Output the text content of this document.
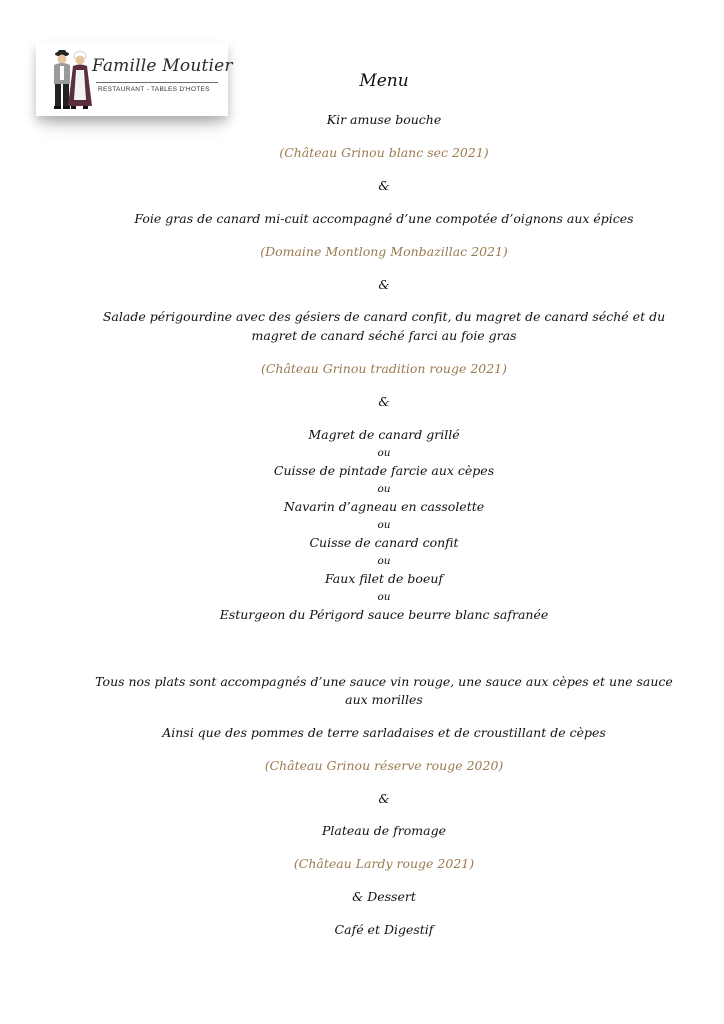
Famille Moutier
RESTAURANT - TABLES D'HOTES	Menu
Kir amuse bouche
(Château Grinou blanc sec 2021)
&
Foie gras de canard mi-cuit accompagné d’une compotée d’oignons aux épices
(Domaine Montlong Monbazillac 2021)
&
Salade périgourdine avec des gésiers de canard confit, du magret de canard séché et du
magret de canard séché farci au foie gras
(Château Grinou tradition rouge 2021)
&
Magret de canard grillé
ou
Cuisse de pintade farcie aux cèpes
ou
Navarin d’agneau en cassolette
ou
Cuisse de canard confit
ou
Faux filet de boeuf
ou
Esturgeon du Périgord sauce beurre blanc safranée
Tous nos plats sont accompagnés d’une sauce vin rouge, une sauce aux cèpes et une sauce
aux morilles
Ainsi que des pommes de terre sarladaises et de croustillant de cèpes
(Château Grinou réserve rouge 2020)
&
Plateau de fromage
(Château Lardy rouge 2021)
& Dessert
Café et Digestif
